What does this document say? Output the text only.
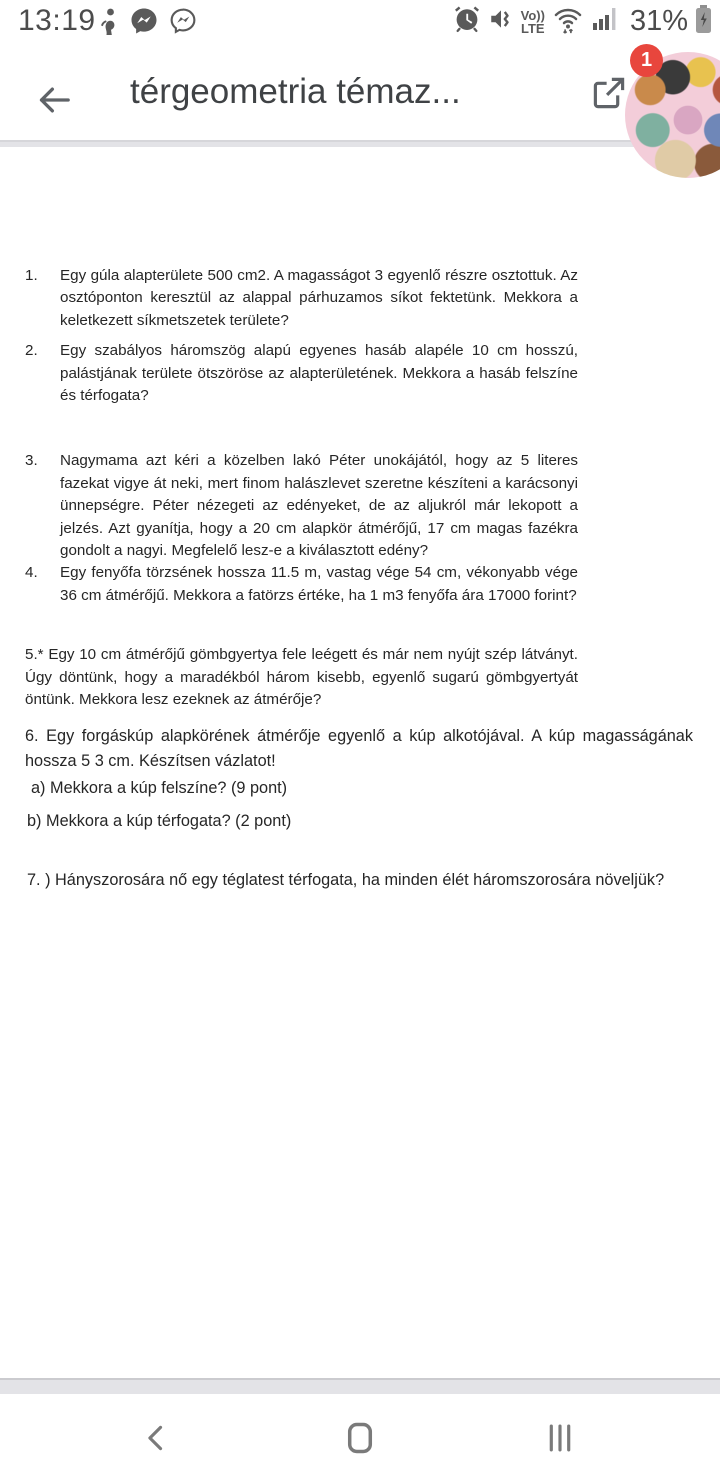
13:19	Vo))
LTE	31%
térgeometria témaz...
1
1.	Egy gúla alapterülete 500 cm2. A magasságot 3 egyenlő részre osztottuk. Az osztóponton keresztül az alappal párhuzamos síkot fektetünk. Mekkora a keletkezett síkmetszetek területe?
2.	Egy szabályos háromszög alapú egyenes hasáb alapéle 10 cm hosszú, palástjának területe ötszöröse az alapterületének. Mekkora a hasáb felszíne és térfogata?
3.	Nagymama azt kéri a közelben lakó Péter unokájától, hogy az 5 literes fazekat vigye át neki, mert finom halászlevet szeretne készíteni a karácsonyi ünnepségre. Péter nézegeti az edényeket, de az aljukról már lekopott a jelzés. Azt gyanítja, hogy a 20 cm alapkör átmérőjű, 17 cm magas fazékra gondolt a nagyi. Megfelelő lesz-e a kiválasztott edény?
4.	Egy fenyőfa törzsének hossza 11.5 m, vastag vége 54 cm, vékonyabb vége 36 cm átmérőjű. Mekkora a fatörzs értéke, ha 1 m3 fenyőfa ára 17000 forint?
5.* Egy 10 cm átmérőjű gömbgyertya fele leégett és már nem nyújt szép látványt. Úgy döntünk, hogy a maradékból három kisebb, egyenlő sugarú gömbgyertyát öntünk. Mekkora lesz ezeknek az átmérője?
6. Egy forgáskúp alapkörének átmérője egyenlő a kúp alkotójával. A kúp magasságának hossza 5 3 cm. Készítsen vázlatot!
a) Mekkora a kúp felszíne? (9 pont)
b) Mekkora a kúp térfogata? (2 pont)
7. ) Hányszorosára nő egy téglatest térfogata, ha minden élét háromszorosára növeljük?
